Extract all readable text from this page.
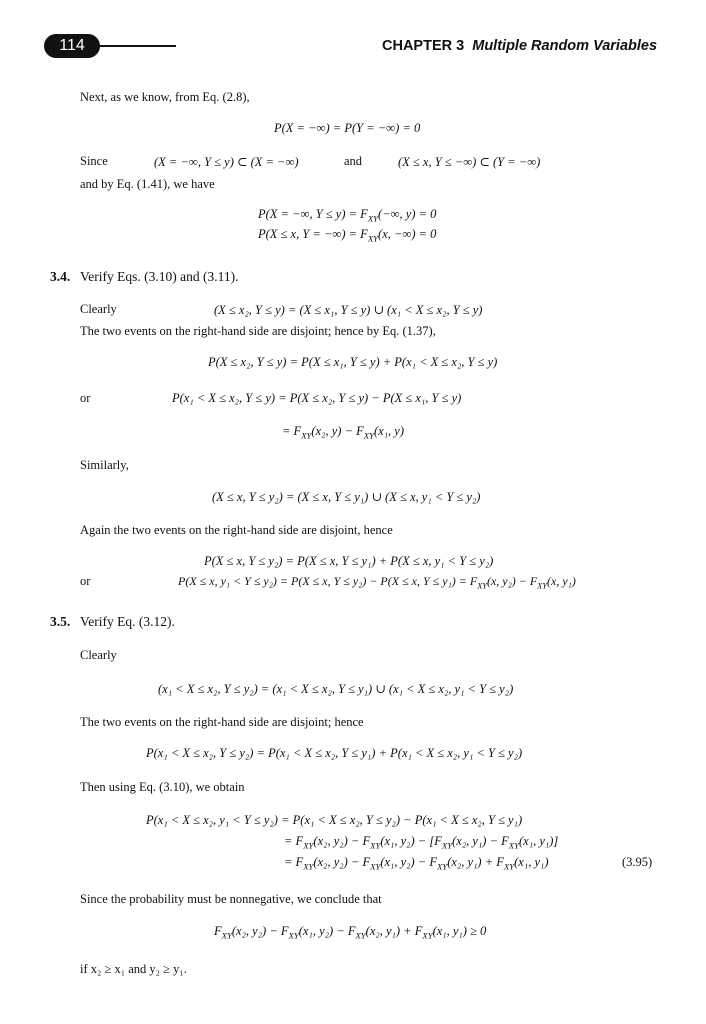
114	CHAPTER 3 Multiple Random Variables
Next, as we know, from Eq. (2.8),
P(X = −∞) = P(Y = −∞) = 0
Since	(X = −∞, Y ≤ y) ⊂ (X = −∞)	and	(X ≤ x, Y ≤ −∞) ⊂ (Y = −∞)
and by Eq. (1.41), we have
P(X = −∞, $Y \le y) = F_{XY}(-\infty$, y) = 0
P(X ≤ x, Y = −∞) = $F_{XY}(x$, −∞) = 0
3.4. Verify Eqs. (3.10) and (3.11).
Clearly	(X ≤ x₂, Y ≤ y) = (X ≤ x₁, Y ≤ y) ∪ (x₁ < X ≤ x₂, Y ≤ y)
The two events on the right-hand side are disjoint; hence by Eq. (1.37),
P(X ≤ x₂, Y ≤ y) = P(X ≤ x₁, Y ≤ y) + P(x₁ < X ≤ x₂, Y ≤ y)
or	P(x₁ < X ≤ x₂, Y ≤ y) = P(X ≤ x₂, Y ≤ y) − P(X ≤ x₁, Y ≤ y)
= $F_{XY}(x_2$, $y) - F_{XY}(x_1$, y)
Similarly,
(X ≤ x, Y ≤ y₂) = (X ≤ x, Y ≤ y₁) ∪ (X ≤ x, y₁ < Y ≤ y₂)
Again the two events on the right-hand side are disjoint, hence
P(X ≤ x, Y ≤ y₂) = P(X ≤ x, Y ≤ y₁) + P(X ≤ x, y₁ < Y ≤ y₂)
or	P(X ≤ x, y₁ < Y ≤ y₂) = P(X ≤ x, Y ≤ y₂) − P(X ≤ x, $Y \le y_1) = F_{XY}(x$, $y_2) - F_{XY}(x$, y₁)
3.5. Verify Eq. (3.12).
Clearly
(x₁ < X ≤ x₂, Y ≤ y₂) = (x₁ < X ≤ x₂, Y ≤ y₁) ∪ (x₁ < X ≤ x₂, y₁ < Y ≤ y₂)
The two events on the right-hand side are disjoint; hence
P(x₁ < X ≤ x₂, Y ≤ y₂) = P(x₁ < X ≤ x₂, Y ≤ y₁) + P(x₁ < X ≤ x₂, y₁ < Y ≤ y₂)
Then using Eq. (3.10), we obtain
P(x₁ < X ≤ x₂, y₁ < Y ≤ y₂) = P(x₁ < X ≤ x₂, Y ≤ y₂) − P(x₁ < X ≤ x₂, Y ≤ y₁)
= $F_{XY}(x_2$, $y_2) - F_{XY}(x_1$, $y_2) - [F_{XY}(x_2$, $y_1) - F_{XY}(x_1$, y₁)]
= $F_{XY}(x_2$, $y_2) - F_{XY}(x_1$, $y_2) - F_{XY}(x_2$, $y_1) + F_{XY}(x_1$, y₁)	(3.95)
Since the probability must be nonnegative, we conclude that
$F_{XY}(x_2$, $y_2) - F_{XY}(x_1$, $y_2) - F_{XY}(x_2$, $y_1) + F_{XY}(x_1$, y₁) ≥ 0
if x₂ ≥ x₁ and y₂ ≥ y₁.
